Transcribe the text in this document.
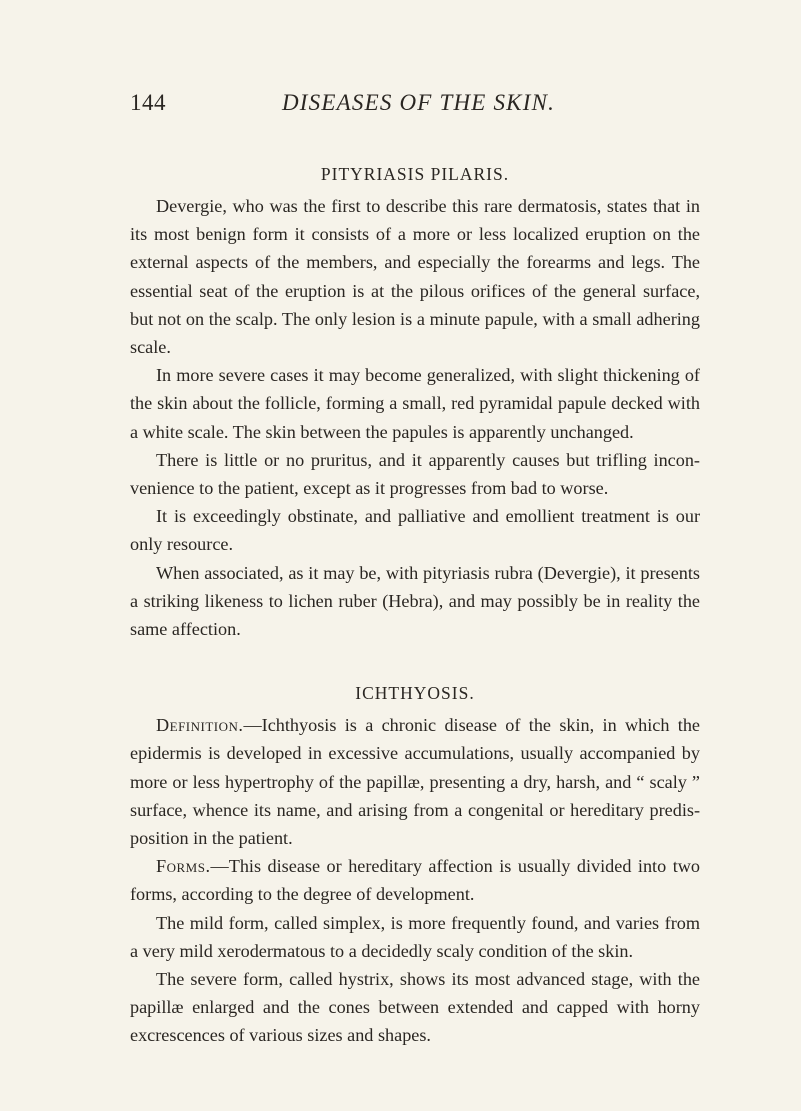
144	DISEASES OF THE SKIN.
PITYRIASIS PILARIS.

Devergie, who was the first to describe this rare dermatosis, states that in its most benign form it consists of a more or less localized eruption on the external aspects of the members, and especially the forearms and legs. The essential seat of the eruption is at the pilous orifices of the general surface, but not on the scalp. The only lesion is a minute papule, with a small adhering scale.

In more severe cases it may become generalized, with slight thickening of the skin about the follicle, forming a small, red pyramidal papule decked with a white scale. The skin between the papules is apparently unchanged.

There is little or no pruritus, and it apparently causes but trifling incon-venience to the patient, except as it progresses from bad to worse.

It is exceedingly obstinate, and palliative and emollient treatment is our only resource.

When associated, as it may be, with pityriasis rubra (Devergie), it presents a striking likeness to lichen ruber (Hebra), and may possibly be in reality the same affection.

ICHTHYOSIS.

Definition.—Ichthyosis is a chronic disease of the skin, in which the epidermis is developed in excessive accumulations, usually accompanied by more or less hypertrophy of the papillæ, presenting a dry, harsh, and “ scaly ” surface, whence its name, and arising from a congenital or hereditary predis-position in the patient.

Forms.—This disease or hereditary affection is usually divided into two forms, according to the degree of development.

The mild form, called simplex, is more frequently found, and varies from a very mild xerodermatous to a decidedly scaly condition of the skin.

The severe form, called hystrix, shows its most advanced stage, with the papillæ enlarged and the cones between extended and capped with horny excrescences of various sizes and shapes.
